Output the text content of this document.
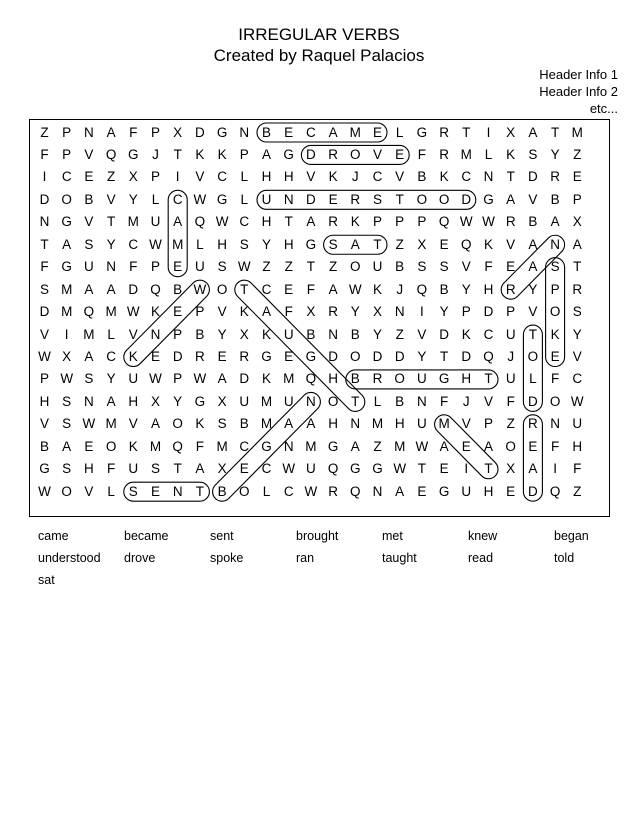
IRREGULAR VERBS
Created by Raquel Palacios
Header Info 1
Header Info 2
etc...
Z	P N A	F	P X D G N B E C A M E	L G R T	I	X A	T M
F	P V Q G	J	T	K K P A G D R O V E	F R M L	K S Y	Z
I	C E	Z	X P	I	V C	L	H H V K	J	C V B K C N T D R E
D O B V Y	L	C W G L	U N D E R S	T O O D G A V B P
N G V	T M U A Q W C H T	A R K P P P Q W W R B A X
T	A S Y C W M L	H S Y H G S A	T	Z	X E Q K V A N A
F G U N F	P E U S W Z	Z	T	Z O U B S S V	F	E A S	T
S M A A D Q B W O T C E	F	A W K	J	Q B Y H R Y P R
D M Q M W K E P V K A	F	X R Y X N	I	Y P D P V O S
V	I	M L	V N P B Y X K U B N B Y	Z	V D K C U T	K Y
W X A C K E D R E R G E G D O D D Y	T D Q	J	O E V
P W S Y U W P W A D K M Q H B R O U G H T U	L	F C
H S N A H X Y G X U M U N O T	L	B N F	J	V	F D O W
V S W M V A O K S B M A A H N M H U M V P	Z R N U
B A E O K M Q F M C G N M G A	Z M W A E A O E	F H
G S H F U S	T	A X E C W U Q G G W T	E	I	T	X A	I	F
W O V	L	S E N T	B O L	C W R Q N A E G U H E D Q Z
came	became	sent	brought	met	knew	began
understood drove	spoke	ran	taught	read	told
sat
